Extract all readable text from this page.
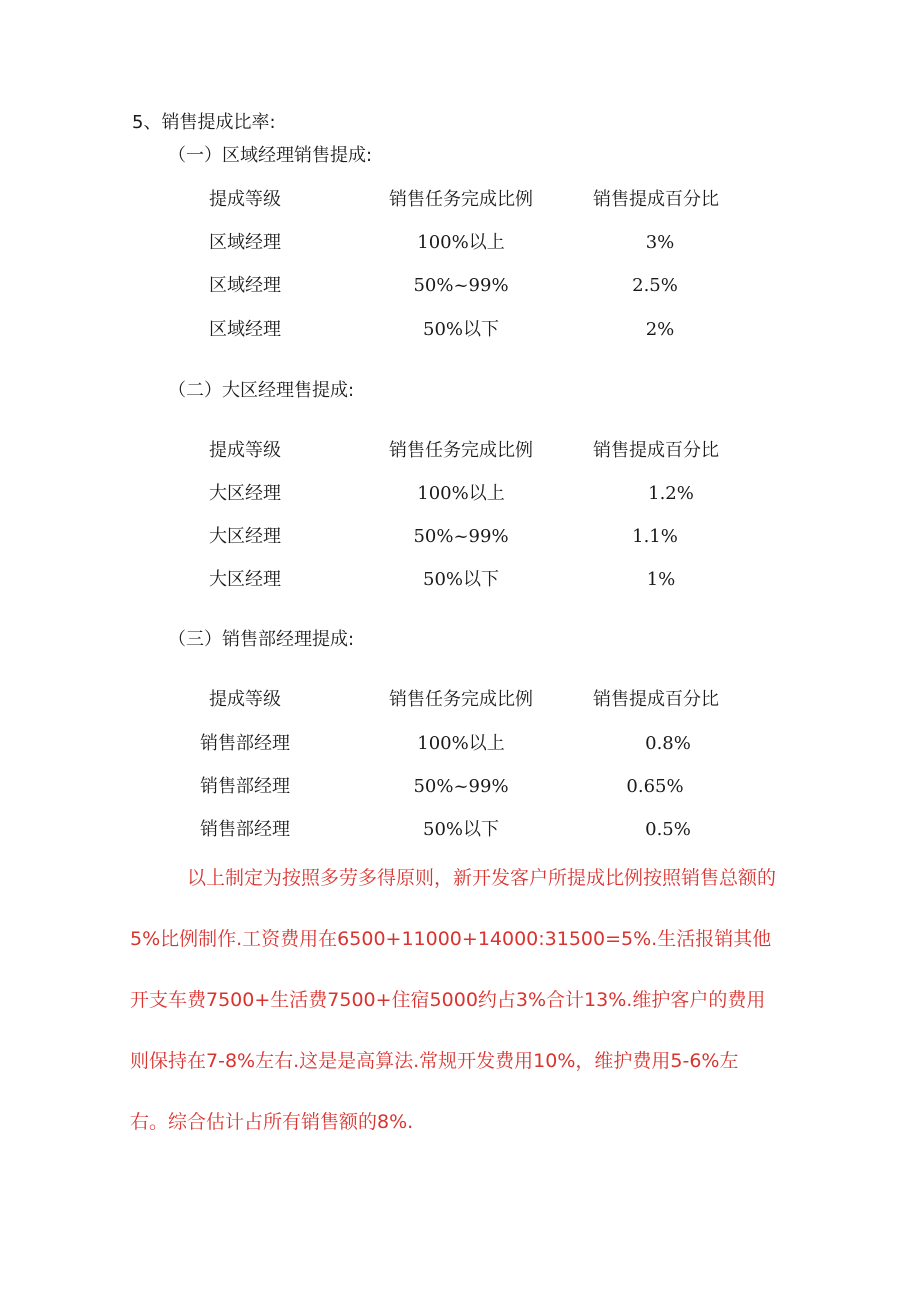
5、销售提成比率:
（一）区域经理销售提成:
提成等级	销售任务完成比例	销售提成百分比
区域经理	100%以上	3%
区域经理	50%~99%	2.5%
区域经理	50%以下	2%
（二）大区经理售提成:
提成等级	销售任务完成比例	销售提成百分比
大区经理	100%以上	1.2%
大区经理	50%~99%	1.1%
大区经理	50%以下	1%
（三）销售部经理提成:
提成等级	销售任务完成比例	销售提成百分比
销售部经理	100%以上	0.8%
销售部经理	50%~99%	0.65%
销售部经理	50%以下	0.5%
以上制定为按照多劳多得原则，新开发客户所提成比例按照销售总额的
5%比例制作.工资费用在6500+11000+14000:31500=5%.生活报销其他
开支车费7500+生活费7500+住宿5000约占3%合计13%.维护客户的费用
则保持在7-8%左右.这是是高算法.常规开发费用10%，维护费用5-6%左
右。综合估计占所有销售额的8%.
